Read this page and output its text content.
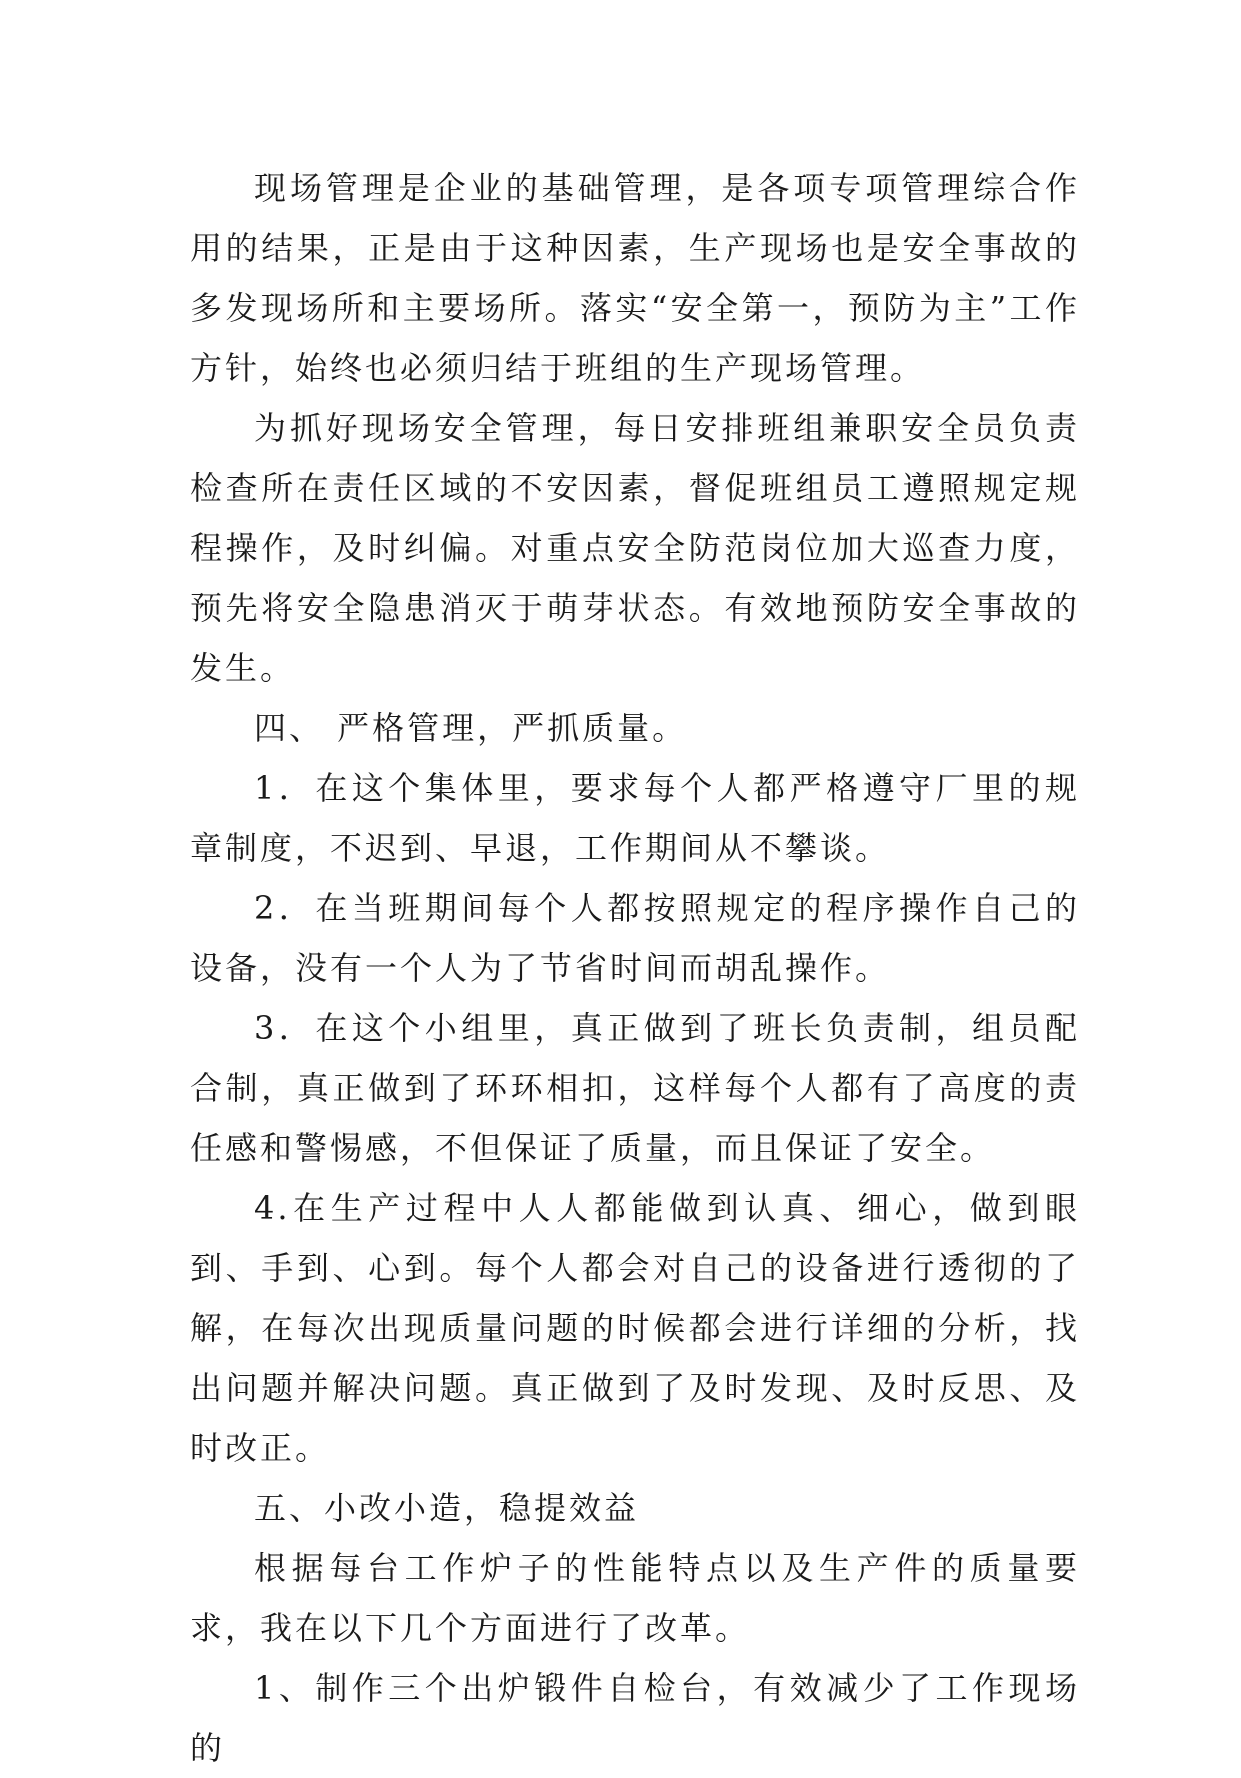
现场管理是企业的基础管理，是各项专项管理综合作用的结果，正是由于这种因素，生产现场也是安全事故的多发现场所和主要场所。落实“安全第一，预防为主”工作方针，始终也必须归结于班组的生产现场管理。

为抓好现场安全管理，每日安排班组兼职安全员负责检查所在责任区域的不安因素，督促班组员工遵照规定规程操作，及时纠偏。对重点安全防范岗位加大巡查力度，预先将安全隐患消灭于萌芽状态。有效地预防安全事故的发生。

四、 严格管理，严抓质量。

1．在这个集体里，要求每个人都严格遵守厂里的规章制度，不迟到、早退，工作期间从不攀谈。

2．在当班期间每个人都按照规定的程序操作自己的设备，没有一个人为了节省时间而胡乱操作。

3．在这个小组里，真正做到了班长负责制，组员配合制，真正做到了环环相扣，这样每个人都有了高度的责任感和警惕感，不但保证了质量，而且保证了安全。

4.在生产过程中人人都能做到认真、细心，做到眼到、手到、心到。每个人都会对自己的设备进行透彻的了解，在每次出现质量问题的时候都会进行详细的分析，找出问题并解决问题。真正做到了及时发现、及时反思、及时改正。

五、小改小造，稳提效益

根据每台工作炉子的性能特点以及生产件的质量要求，我在以下几个方面进行了改革。

1、制作三个出炉锻件自检台，有效减少了工作现场的
